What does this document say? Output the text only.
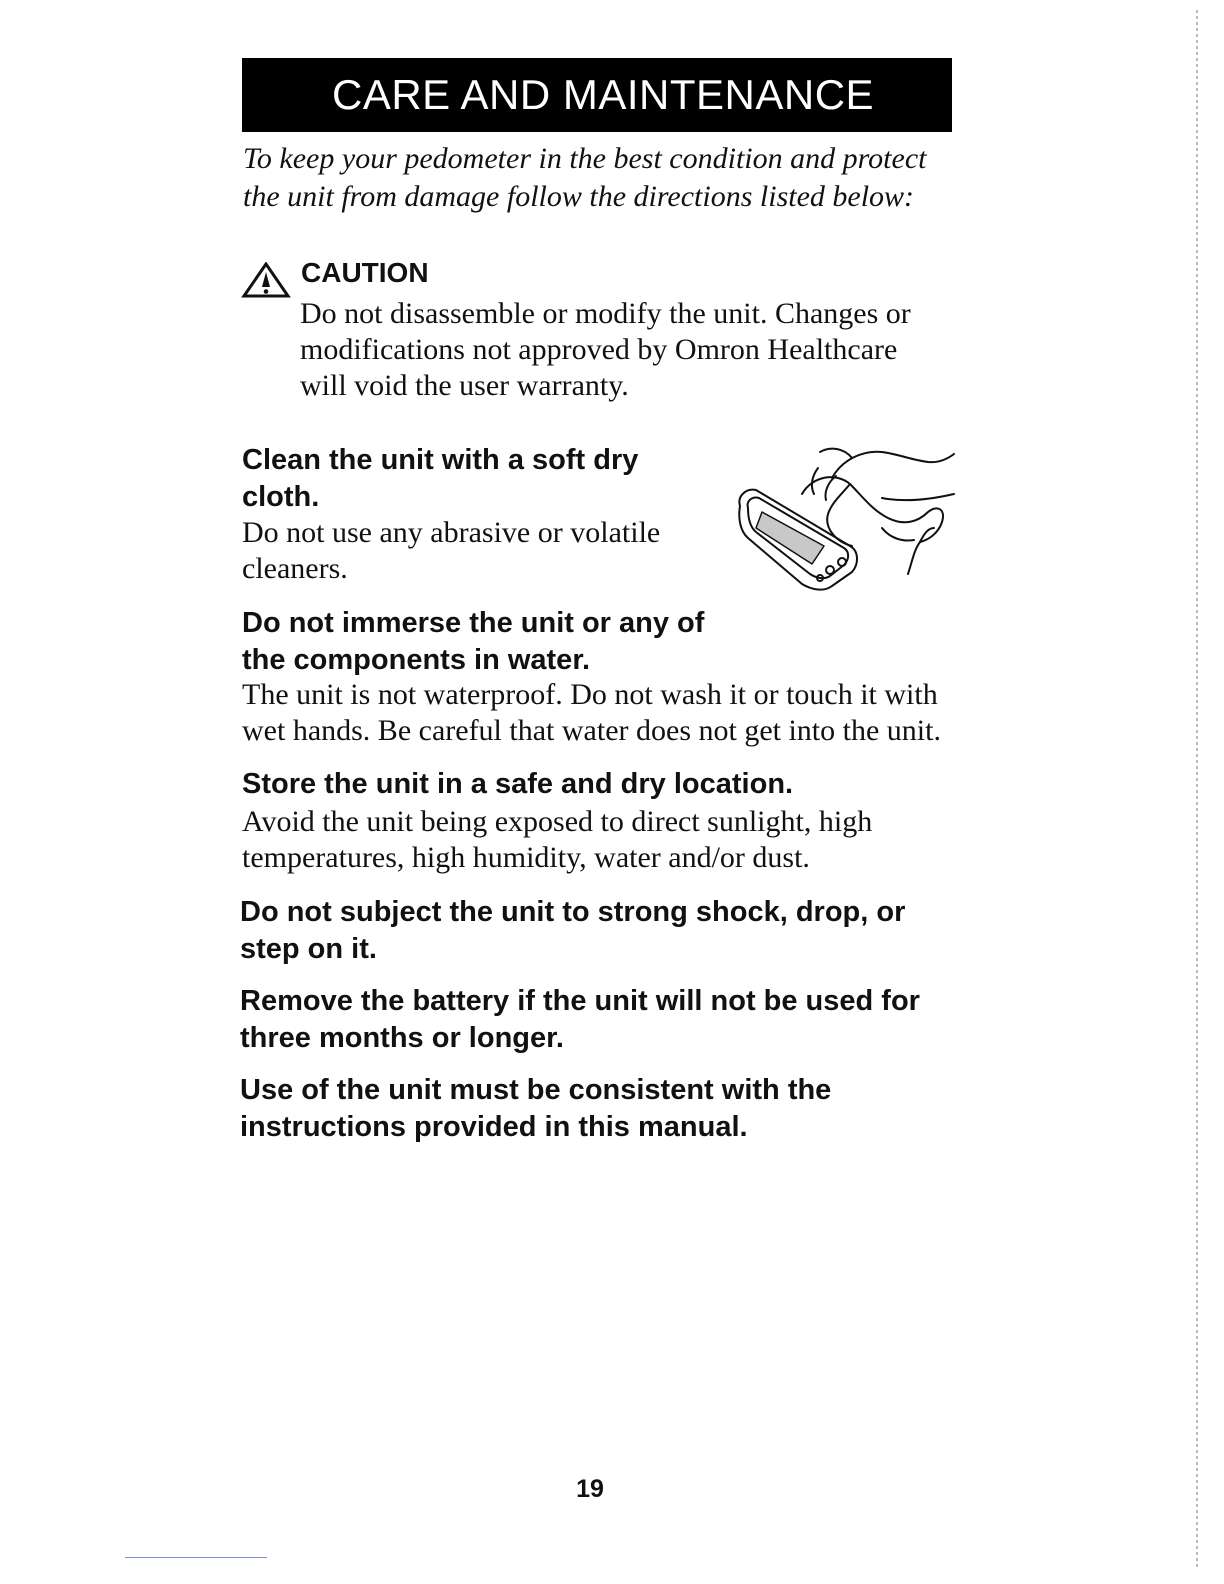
CARE AND MAINTENANCE

To keep your pedometer in the best condition and protect the unit from damage follow the directions listed below:

CAUTION

Do not disassemble or modify the unit. Changes or modifications not approved by Omron Healthcare will void the user warranty.

Clean the unit with a soft dry cloth.

Do not use any abrasive or volatile cleaners.

Do not immerse the unit or any of the components in water.

The unit is not waterproof. Do not wash it or touch it with wet hands. Be careful that water does not get into the unit.

Store the unit in a safe and dry location.

Avoid the unit being exposed to direct sunlight, high temperatures, high humidity, water and/or dust.

Do not subject the unit to strong shock, drop, or step on it.
Remove the battery if the unit will not be used for three months or longer.
Use of the unit must be consistent with the instructions provided in this manual.
19
